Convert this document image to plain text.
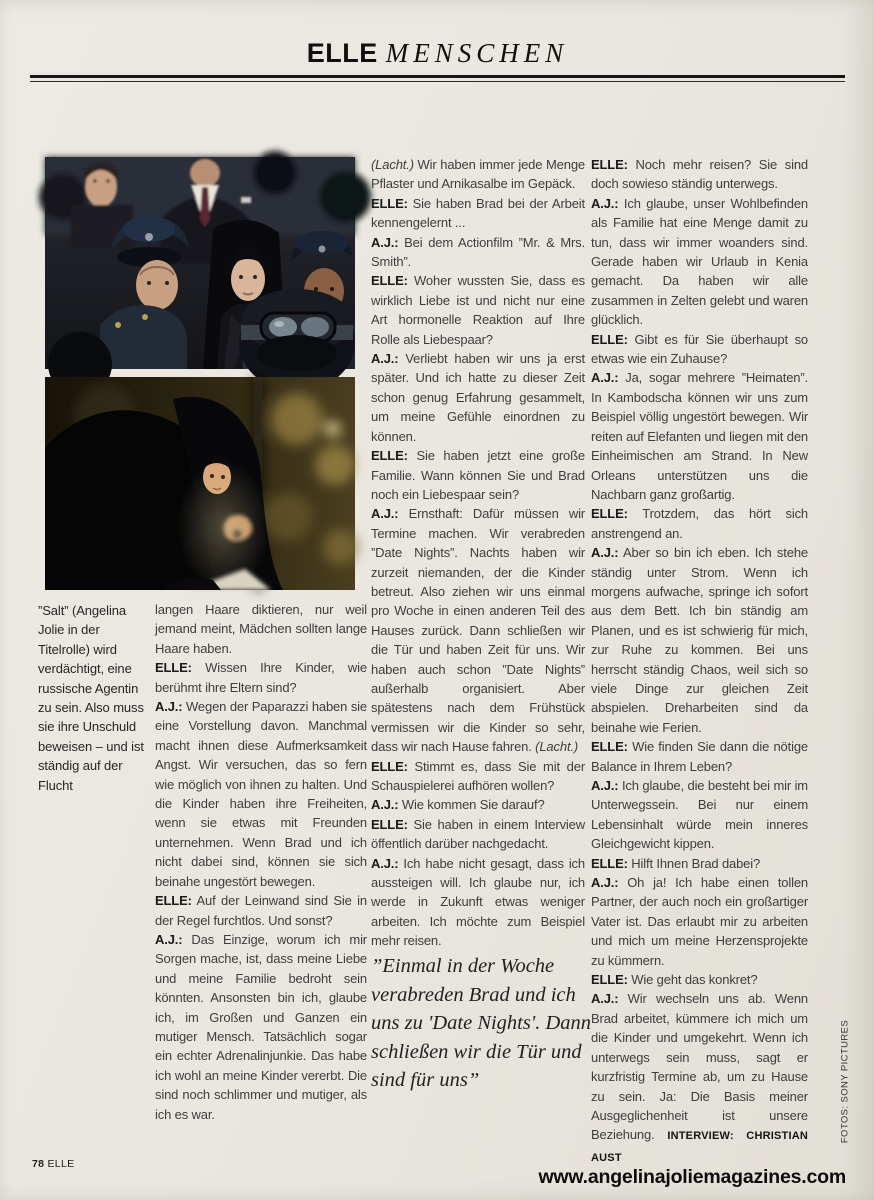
ELLE MENSCHEN
”Salt” (Angelina Jolie in der Titelrolle) wird verdächtigt, eine russische Agentin zu sein. Also muss sie ihre Unschuld beweisen – und ist ständig auf der Flucht

langen Haare diktieren, nur weil jemand meint, Mädchen sollten lange Haare haben.

ELLE: Wissen Ihre Kinder, wie berühmt ihre Eltern sind?

A.J.: Wegen der Paparazzi haben sie eine Vorstellung davon. Manchmal macht ihnen diese Aufmerksamkeit Angst. Wir versuchen, das so fern wie möglich von ihnen zu halten. Und die Kinder haben ihre Freiheiten, wenn sie etwas mit Freunden unternehmen. Wenn Brad und ich nicht dabei sind, können sie sich beinahe ungestört bewegen.

ELLE: Auf der Leinwand sind Sie in der Regel furchtlos. Und sonst?

A.J.: Das Einzige, worum ich mir Sorgen mache, ist, dass meine Liebe und meine Familie bedroht sein könnten. Ansonsten bin ich, glaube ich, im Großen und Ganzen ein mutiger Mensch. Tatsächlich sogar ein echter Adrenalinjunkie. Das habe ich wohl an meine Kinder vererbt. Die sind noch schlimmer und mutiger, als ich es war.

(Lacht.) Wir haben immer jede Menge Pflaster und Arnikasalbe im Gepäck.

ELLE: Sie haben Brad bei der Arbeit kennengelernt ...

A.J.: Bei dem Actionfilm ”Mr. & Mrs. Smith”.

ELLE: Woher wussten Sie, dass es wirklich Liebe ist und nicht nur eine Art hormonelle Reaktion auf Ihre Rolle als Liebespaar?

A.J.: Verliebt haben wir uns ja erst später. Und ich hatte zu dieser Zeit schon genug Erfahrung gesammelt, um meine Gefühle einordnen zu können.

ELLE: Sie haben jetzt eine große Familie. Wann können Sie und Brad noch ein Liebespaar sein?

A.J.: Ernsthaft: Dafür müssen wir Termine machen. Wir verabreden ”Date Nights”. Nachts haben wir zurzeit niemanden, der die Kinder betreut. Also ziehen wir uns einmal pro Woche in einen anderen Teil des Hauses zurück. Dann schließen wir die Tür und haben Zeit für uns. Wir haben auch schon ”Date Nights” außerhalb organisiert. Aber spätestens nach dem Frühstück vermissen wir die Kinder so sehr, dass wir nach Hause fahren. (Lacht.)

ELLE: Stimmt es, dass Sie mit der Schauspielerei aufhören wollen?

A.J.: Wie kommen Sie darauf?

ELLE: Sie haben in einem Interview öffentlich darüber nachgedacht.

A.J.: Ich habe nicht gesagt, dass ich aussteigen will. Ich glaube nur, ich werde in Zukunft etwas weniger arbeiten. Ich möchte zum Beispiel mehr reisen.

”Einmal in der Woche verabreden Brad und ich uns zu 'Date Nights'. Dann schließen wir die Tür und sind für uns”

ELLE: Noch mehr reisen? Sie sind doch sowieso ständig unterwegs.

A.J.: Ich glaube, unser Wohlbefinden als Familie hat eine Menge damit zu tun, dass wir immer woanders sind. Gerade haben wir Urlaub in Kenia gemacht. Da haben wir alle zusammen in Zelten gelebt und waren glücklich.

ELLE: Gibt es für Sie überhaupt so etwas wie ein Zuhause?

A.J.: Ja, sogar mehrere ”Heimaten”. In Kambodscha können wir uns zum Beispiel völlig ungestört bewegen. Wir reiten auf Elefanten und liegen mit den Einheimischen am Strand. In New Orleans unterstützen uns die Nachbarn ganz großartig.

ELLE: Trotzdem, das hört sich anstrengend an.

A.J.: Aber so bin ich eben. Ich stehe ständig unter Strom. Wenn ich morgens aufwache, springe ich sofort aus dem Bett. Ich bin ständig am Planen, und es ist schwierig für mich, zur Ruhe zu kommen. Bei uns herrscht ständig Chaos, weil sich so viele Dinge zur gleichen Zeit abspielen. Dreharbeiten sind da beinahe wie Ferien.

ELLE: Wie finden Sie dann die nötige Balance in Ihrem Leben?

A.J.: Ich glaube, die besteht bei mir im Unterwegssein. Bei nur einem Lebensinhalt würde mein inneres Gleichgewicht kippen.

ELLE: Hilft Ihnen Brad dabei?

A.J.: Oh ja! Ich habe einen tollen Partner, der auch noch ein großartiger Vater ist. Das erlaubt mir zu arbeiten und mich um meine Herzensprojekte zu kümmern.

ELLE: Wie geht das konkret?

A.J.: Wir wechseln uns ab. Wenn Brad arbeitet, kümmere ich mich um die Kinder und umgekehrt. Wenn ich unterwegs sein muss, sagt er kurzfristig Termine ab, um zu Hause zu sein. Ja: Die Basis meiner Ausgeglichenheit ist unsere Beziehung. INTERVIEW: CHRISTIAN AUST

FOTOS: SONY PICTURES
78 ELLE
www.angelinajoliemagazines.com
